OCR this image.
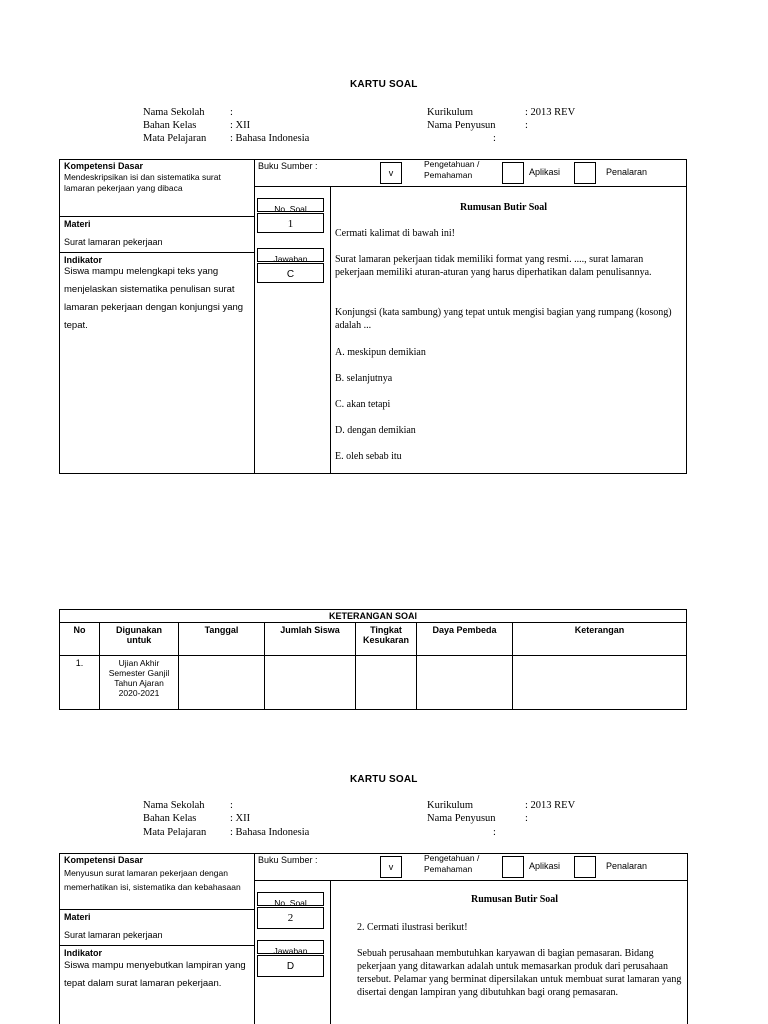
KARTU SOAL
Nama Sekolah :
Bahan Kelas	: XII
Mata Pelajaran : Bahasa Indonesia
Kurikulum	: 2013 REV
Nama Penyusun	:
:
Kompetensi Dasar
Mendeskripsikan isi dan sistematika surat lamaran pekerjaan yang dibaca
Materi
Surat lamaran pekerjaan
Indikator
Siswa mampu melengkapi teks yang menjelaskan sistematika penulisan surat lamaran pekerjaan dengan konjungsi yang tepat.
Buku Sumber :
v
Pengetahuan / Pemahaman	Aplikasi	Penalaran
No. Soal
1
Jawaban
C
Rumusan Butir Soal
Cermati kalimat di bawah ini!
Surat lamaran pekerjaan tidak memiliki format yang resmi. ...., surat lamaran pekerjaan memiliki aturan-aturan yang harus diperhatikan dalam penulisannya.
Konjungsi (kata sambung) yang tepat untuk mengisi bagian yang rumpang (kosong) adalah ...
A. meskipun demikian
B. selanjutnya
C. akan tetapi
D. dengan demikian
E. oleh sebab itu
KETERANGAN SOAl						
No	Digunakan untuk	Tanggal	Jumlah Siswa	Tingkat Kesukaran	Daya Pembeda	Keterangan
1.	Ujian Akhir Semester Ganjil Tahun Ajaran 2020-2021					
KARTU SOAL
Nama Sekolah :
Bahan Kelas	: XII
Mata Pelajaran : Bahasa Indonesia
Kurikulum	: 2013 REV
Nama Penyusun	:
:
Kompetensi Dasar
Menyusun surat lamaran pekerjaan dengan memerhatikan isi, sistematika dan kebahasaan
Materi
Surat lamaran pekerjaan
Indikator
Siswa mampu menyebutkan lampiran yang tepat dalam surat lamaran pekerjaan.
Buku Sumber :
v
Pengetahuan / Pemahaman	Aplikasi	Penalaran
No. Soal
2
Jawaban
D
Rumusan Butir Soal
2. Cermati ilustrasi berikut!
Sebuah perusahaan membutuhkan karyawan di bagian pemasaran. Bidang pekerjaan yang ditawarkan adalah untuk memasarkan produk dari perusahaan tersebut. Pelamar yang berminat dipersilakan untuk membuat surat lamaran yang disertai dengan lampiran yang dibutuhkan bagi orang pemasaran.
